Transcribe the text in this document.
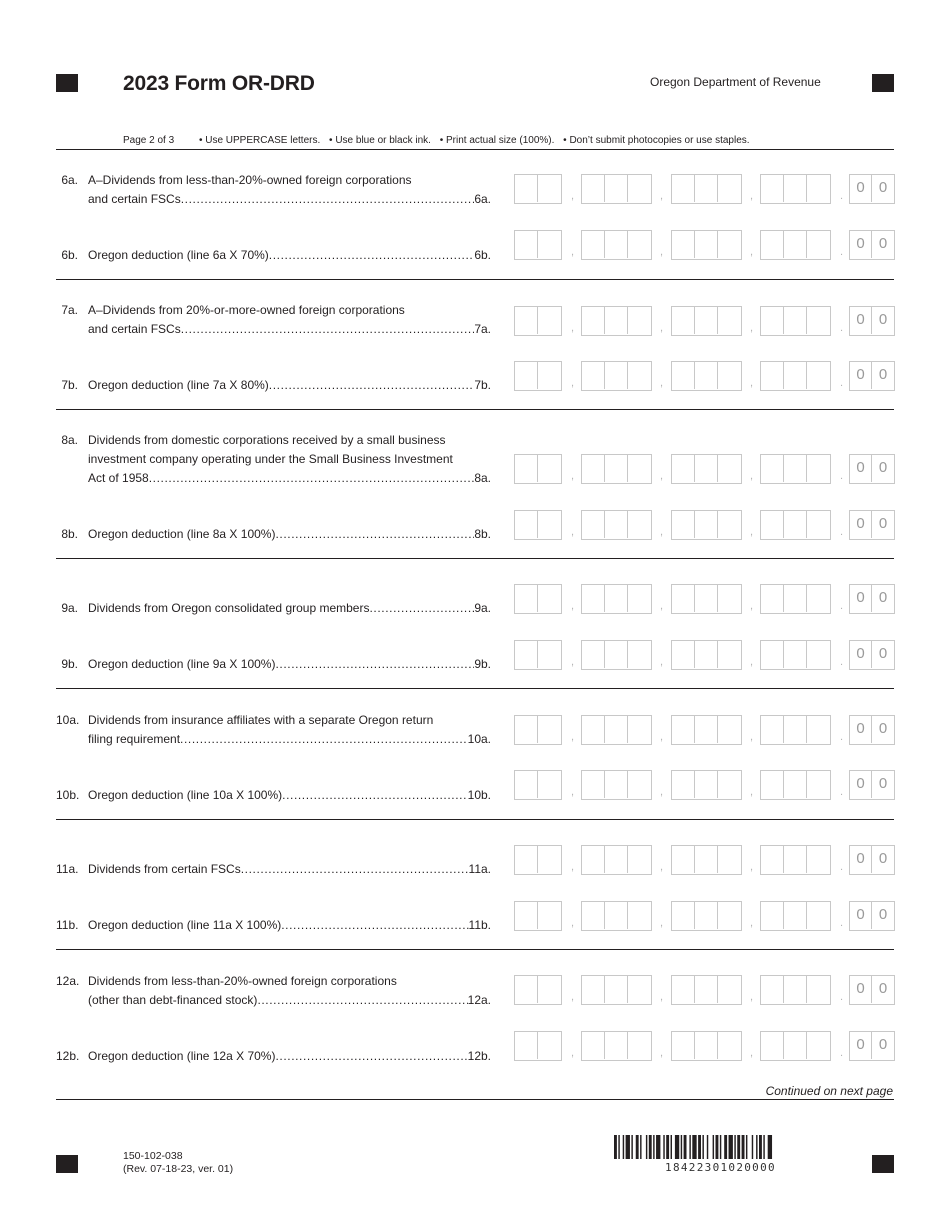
2023 Form OR-DRD	Oregon Department of Revenue
Page 2 of 3 • Use UPPERCASE letters. • Use blue or black ink. • Print actual size (100%). • Don’t submit photocopies or use staples.
6a. A–Dividends from less-than-20%-owned foreign corporations
and certain FSCs .....	6a.	,	,	,	. 0 0
6b. Oregon deduction (line 6a X 70%) .....	6b.	,	,	,	. 0 0
7a. A–Dividends from 20%-or-more-owned foreign corporations
and certain FSCs .....	7a.	,	,	,	. 0 0
7b. Oregon deduction (line 7a X 80%) .....	7b.	,	,	,	. 0 0
8a. Dividends from domestic corporations received by a small business
investment company operating under the Small Business Investment
Act of 1958 .....	8a.	,	,	,	. 0 0
8b. Oregon deduction (line 8a X 100%) .....	8b.	,	,	,	. 0 0
9a. Dividends from Oregon consolidated group members .....	9a.	,	,	,	. 0 0
9b. Oregon deduction (line 9a X 100%) .....	9b.	,	,	,	. 0 0
10a. Dividends from insurance affiliates with a separate Oregon return
filing requirement .....	10a.	,	,	,	. 0 0
10b. Oregon deduction (line 10a X 100%) .....	10b.	,	,	,	. 0 0
11a. Dividends from certain FSCs .....	11a.	,	,	,	. 0 0
11b. Oregon deduction (line 11a X 100%) .....	11b.	,	,	,	. 0 0
12a. Dividends from less-than-20%-owned foreign corporations
(other than debt-financed stock) .....	12a.	,	,	,	. 0 0
12b. Oregon deduction (line 12a X 70%) .....	12b.	,	,	,	. 0 0
Continued on next page
150-102-038
(Rev. 07-18-23, ver. 01)	18422301020000
